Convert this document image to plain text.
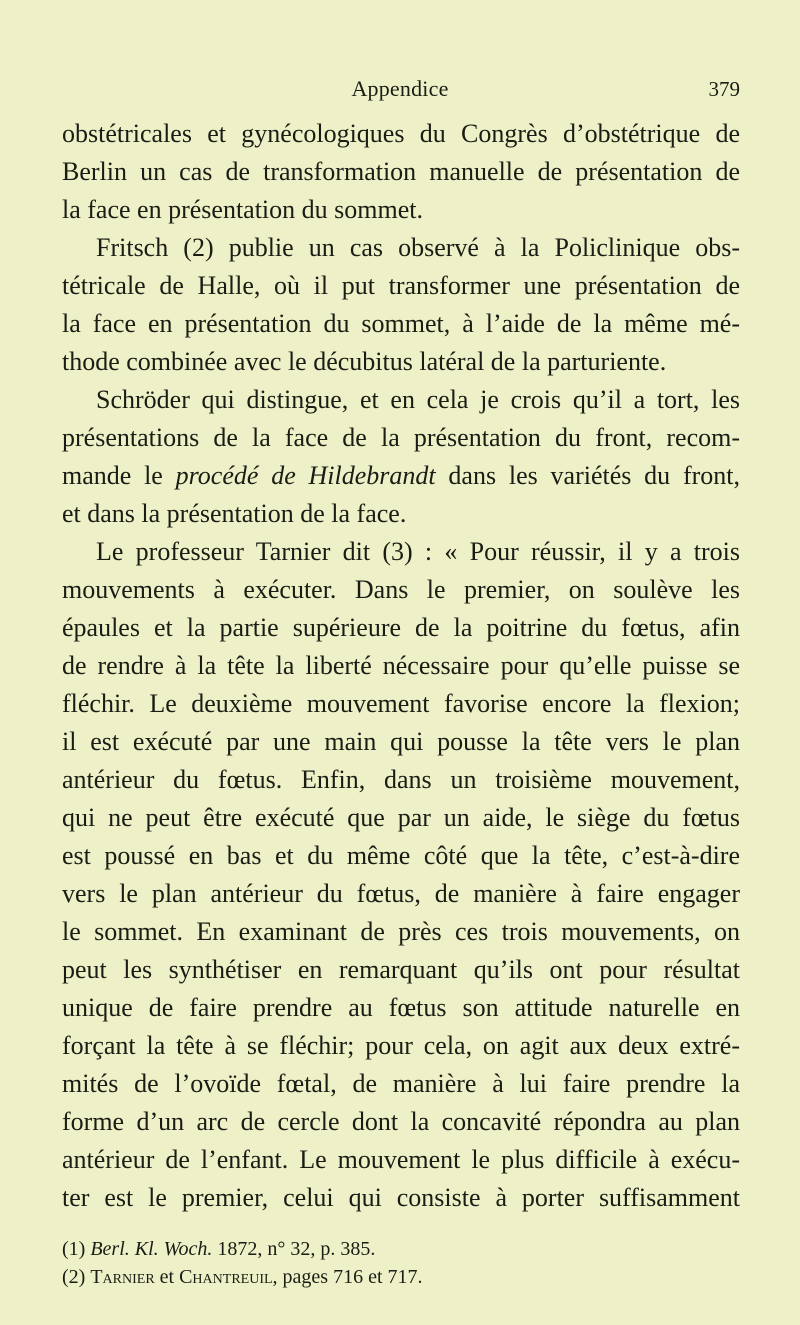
Appendice	379
obstétricales et gynécologiques du Congrès d’obstétrique de
Berlin un cas de transformation manuelle de présentation de
la face en présentation du sommet.
Fritsch (2) publie un cas observé à la Policlinique obs-
tétricale de Halle, où il put transformer une présentation de
la face en présentation du sommet, à l’aide de la même mé-
thode combinée avec le décubitus latéral de la parturiente.
Schröder qui distingue, et en cela je crois qu’il a tort, les
présentations de la face de la présentation du front, recom-
mande le procédé de Hildebrandt dans les variétés du front,
et dans la présentation de la face.
Le professeur Tarnier dit (3) : « Pour réussir, il y a trois
mouvements à exécuter. Dans le premier, on soulève les
épaules et la partie supérieure de la poitrine du fœtus, afin
de rendre à la tête la liberté nécessaire pour qu’elle puisse se
fléchir. Le deuxième mouvement favorise encore la flexion;
il est exécuté par une main qui pousse la tête vers le plan
antérieur du fœtus. Enfin, dans un troisième mouvement,
qui ne peut être exécuté que par un aide, le siège du fœtus
est poussé en bas et du même côté que la tête, c’est-à-dire
vers le plan antérieur du fœtus, de manière à faire engager
le sommet. En examinant de près ces trois mouvements, on
peut les synthétiser en remarquant qu’ils ont pour résultat
unique de faire prendre au fœtus son attitude naturelle en
forçant la tête à se fléchir; pour cela, on agit aux deux extré-
mités de l’ovoïde fœtal, de manière à lui faire prendre la
forme d’un arc de cercle dont la concavité répondra au plan
antérieur de l’enfant. Le mouvement le plus difficile à exécu-
ter est le premier, celui qui consiste à porter suffisamment
(1) Berl. Kl. Woch. 1872, n° 32, p. 385.
(2) Tarnier et Chantreuil, pages 716 et 717.
